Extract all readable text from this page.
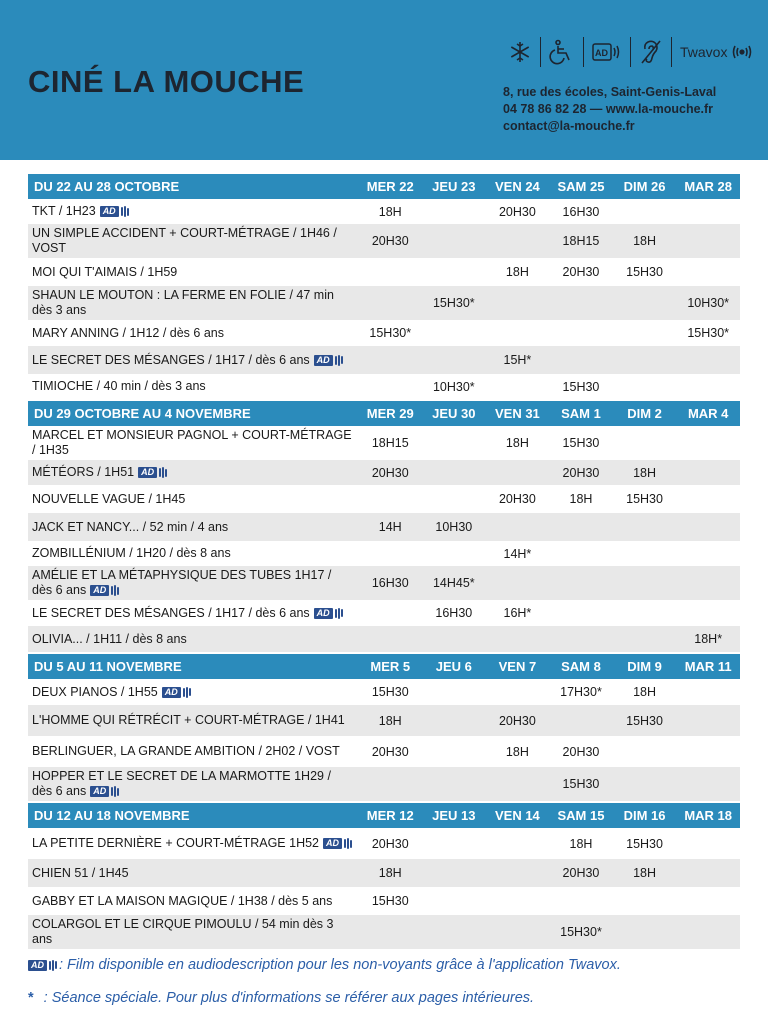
CINÉ LA MOUCHE
AD	Twavox
8, rue des écoles, Saint-Genis-Laval
04 78 86 82 28 — www.la-mouche.fr
contact@la-mouche.fr
DU 22 AU 28 OCTOBRE	MER 22	JEU 23	VEN 24	SAM 25	DIM 26	MAR 28
TKT / 1H23 AD	18H		20H30	16H30		
UN SIMPLE ACCIDENT + COURT-MÉTRAGE / 1H46 / VOST	20H30			18H15	18H	
MOI QUI T'AIMAIS / 1H59			18H	20H30	15H30	
SHAUN LE MOUTON : LA FERME EN FOLIE / 47 min dès 3 ans		15H30*				10H30*
MARY ANNING / 1H12 / dès 6 ans	15H30*					15H30*
LE SECRET DES MÉSANGES / 1H17 / dès 6 ans AD			15H*			
TIMIOCHE / 40 min / dès 3 ans		10H30*		15H30		

DU 29 OCTOBRE AU 4 NOVEMBRE	MER 29	JEU 30	VEN 31	SAM 1	DIM 2	MAR 4
MARCEL ET MONSIEUR PAGNOL + COURT-MÉTRAGE / 1H35	18H15		18H	15H30		
MÉTÉORS / 1H51 AD	20H30			20H30	18H	
NOUVELLE VAGUE / 1H45			20H30	18H	15H30	
JACK ET NANCY... / 52 min / 4 ans	14H	10H30				
ZOMBILLÉNIUM / 1H20 / dès 8 ans			14H*			
AMÉLIE ET LA MÉTAPHYSIQUE DES TUBES 1H17 / dès 6 ans AD	16H30	14H45*				
LE SECRET DES MÉSANGES / 1H17 / dès 6 ans AD		16H30	16H*			
OLIVIA... / 1H11 / dès 8 ans						18H*

DU 5 AU 11 NOVEMBRE	MER 5	JEU 6	VEN 7	SAM 8	DIM 9	MAR 11
DEUX PIANOS / 1H55 AD	15H30			17H30*	18H	
L'HOMME QUI RÉTRÉCIT + COURT-MÉTRAGE / 1H41	18H		20H30		15H30	
BERLINGUER, LA GRANDE AMBITION / 2H02 / VOST	20H30		18H	20H30		
HOPPER ET LE SECRET DE LA MARMOTTE 1H29 / dès 6 ans AD				15H30		

DU 12 AU 18 NOVEMBRE	MER 12	JEU 13	VEN 14	SAM 15	DIM 16	MAR 18
LA PETITE DERNIÈRE + COURT-MÉTRAGE 1H52 AD	20H30			18H	15H30	
CHIEN 51 / 1H45	18H			20H30	18H	
GABBY ET LA MAISON MAGIQUE / 1H38 / dès 5 ans	15H30					
COLARGOL ET LE CIRQUE PIMOULU / 54 min dès 3 ans				15H30*		
AD : Film disponible en audiodescription pour les non-voyants grâce à l'application Twavox.
* : Séance spéciale. Pour plus d'informations se référer aux pages intérieures.
